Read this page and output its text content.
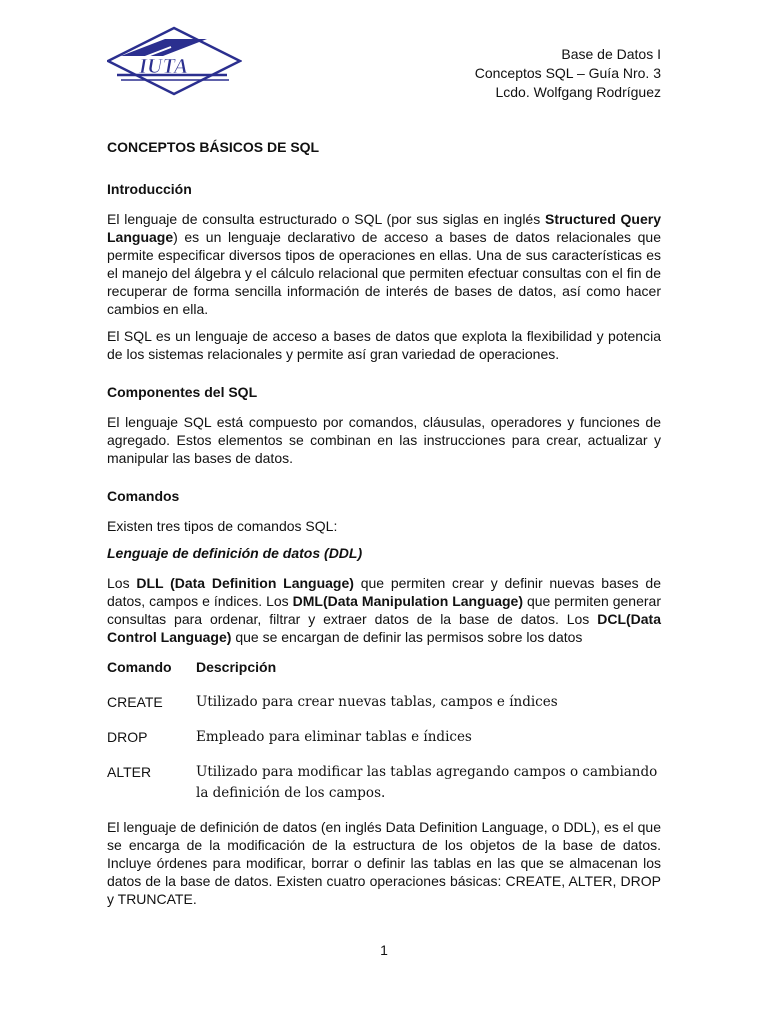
IUTA	Base de Datos I
Conceptos SQL – Guía Nro. 3
Lcdo. Wolfgang Rodríguez
CONCEPTOS BÁSICOS DE SQL
Introducción

El lenguaje de consulta estructurado o SQL (por sus siglas en inglés Structured Query Language) es un lenguaje declarativo de acceso a bases de datos relacionales que permite especificar diversos tipos de operaciones en ellas. Una de sus características es el manejo del álgebra y el cálculo relacional que permiten efectuar consultas con el fin de recuperar de forma sencilla información de interés de bases de datos, así como hacer cambios en ella.

El SQL es un lenguaje de acceso a bases de datos que explota la flexibilidad y potencia de los sistemas relacionales y permite así gran variedad de operaciones.

Componentes del SQL

El lenguaje SQL está compuesto por comandos, cláusulas, operadores y funciones de agregado. Estos elementos se combinan en las instrucciones para crear, actualizar y manipular las bases de datos.

Comandos

Existen tres tipos de comandos SQL:

Lenguaje de definición de datos (DDL)

Los DLL (Data Definition Language) que permiten crear y definir nuevas bases de datos, campos e índices. Los DML(Data Manipulation Language) que permiten generar consultas para ordenar, filtrar y extraer datos de la base de datos. Los DCL(Data Control Language) que se encargan de definir las permisos sobre los datos

Comando	Descripción
CREATE	Utilizado para crear nuevas tablas, campos e índices
DROP	Empleado para eliminar tablas e índices
ALTER	Utilizado para modificar las tablas agregando campos o cambiando la definición de los campos.

El lenguaje de definición de datos (en inglés Data Definition Language, o DDL), es el que se encarga de la modificación de la estructura de los objetos de la base de datos. Incluye órdenes para modificar, borrar o definir las tablas en las que se almacenan los datos de la base de datos. Existen cuatro operaciones básicas: CREATE, ALTER, DROP y TRUNCATE.

1
